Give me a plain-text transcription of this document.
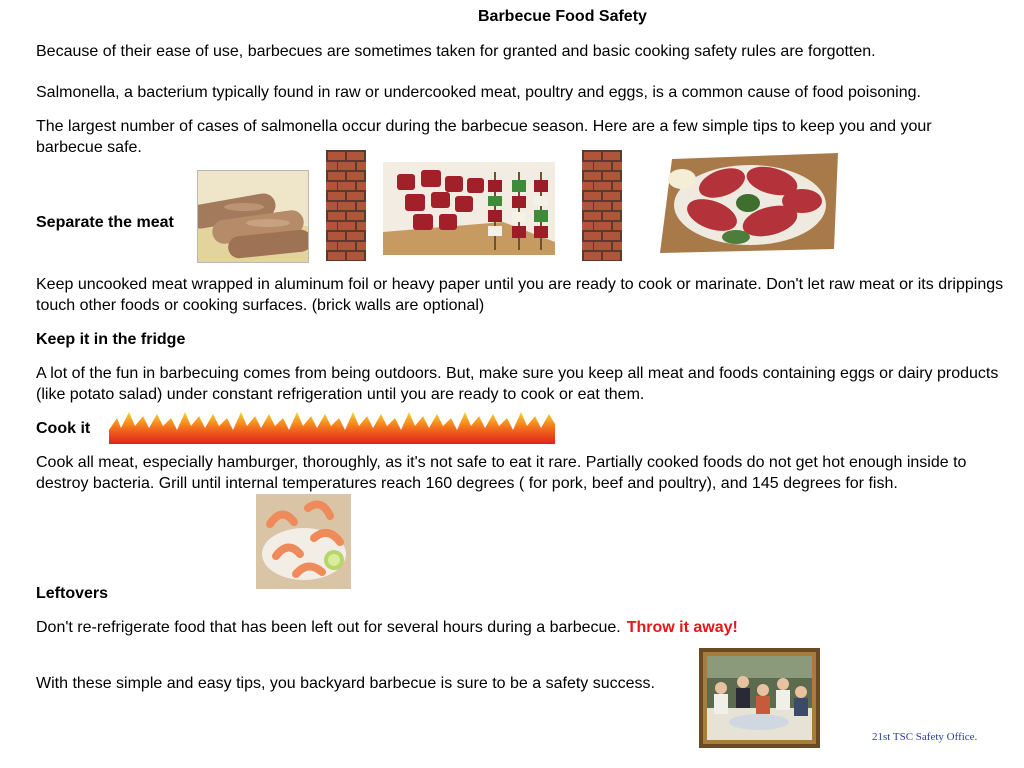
Barbecue Food Safety

Because of their ease of use, barbecues are sometimes taken for granted and basic cooking safety rules are forgotten.

Salmonella, a bacterium typically found in raw or undercooked meat, poultry and eggs, is a common cause of food poisoning.

The largest number of cases of salmonella occur during the barbecue season. Here are a few simple tips to keep you and your barbecue safe.

Separate the meat

Keep uncooked meat wrapped in aluminum foil or heavy paper until you are ready to cook or marinate. Don't let raw meat or its drippings touch other foods or cooking surfaces. (brick walls are optional)

Keep it in the fridge

A lot of the fun in barbecuing comes from being outdoors. But, make sure you keep all meat and foods containing eggs or dairy products (like potato salad) under constant refrigeration until you are ready to cook or eat them.

Cook it

Cook all meat, especially hamburger, thoroughly, as it's not safe to eat it rare. Partially cooked foods do not get hot enough inside to destroy bacteria. Grill until internal temperatures reach 160 degrees ( for pork, beef and poultry), and 145 degrees for fish.

Leftovers

Don't re-refrigerate food that has been left out for several hours during a barbecue. Throw it away!

With these simple and easy tips, you backyard barbecue is sure to be a safety success.

21st TSC Safety Office.
